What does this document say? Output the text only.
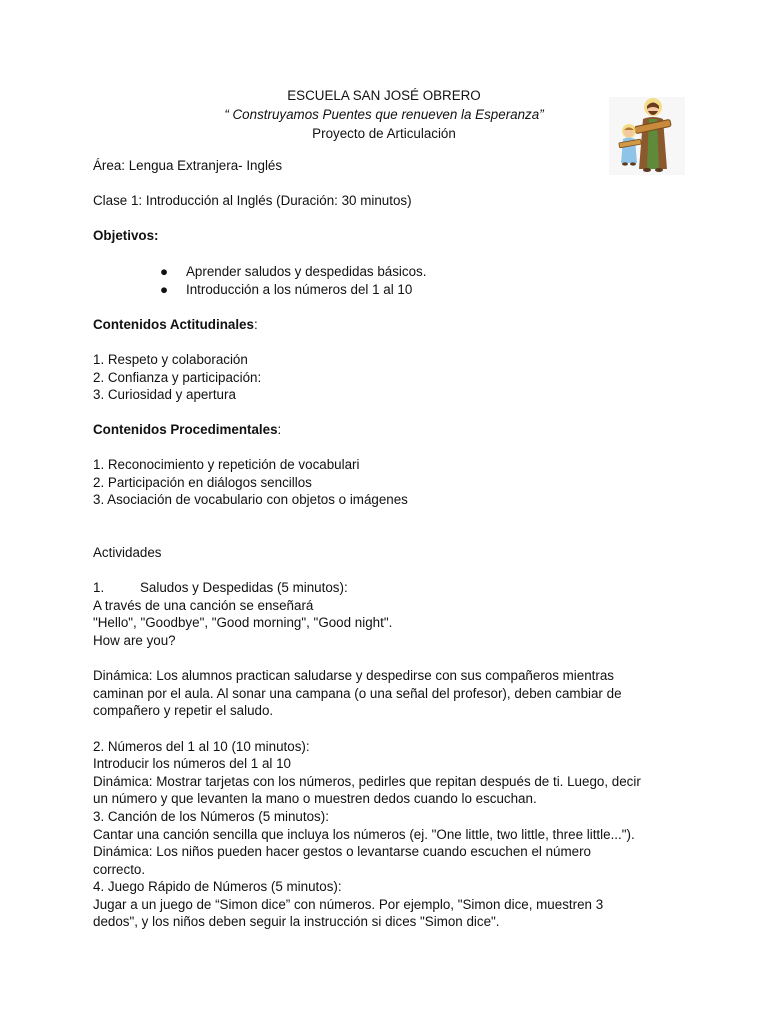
ESCUELA SAN JOSÉ OBRERO
“ Construyamos Puentes que renueven la Esperanza”
Proyecto de Articulación
Área: Lengua Extranjera- Inglés
Clase 1: Introducción al Inglés (Duración: 30 minutos)
Objetivos:
● Aprender saludos y despedidas básicos.
● Introducción a los números del 1 al 10
Contenidos Actitudinales:
1. Respeto y colaboración
2. Confianza y participación:
3. Curiosidad y apertura
Contenidos Procedimentales:
1. Reconocimiento y repetición de vocabulari
2. Participación en diálogos sencillos
3. Asociación de vocabulario con objetos o imágenes
Actividades
1.	Saludos y Despedidas (5 minutos):
A través de una canción se enseñará
"Hello", "Goodbye", "Good morning", "Good night".
How are you?
Dinámica: Los alumnos practican saludarse y despedirse con sus compañeros mientras
caminan por el aula. Al sonar una campana (o una señal del profesor), deben cambiar de
compañero y repetir el saludo.
2. Números del 1 al 10 (10 minutos):
Introducir los números del 1 al 10
Dinámica: Mostrar tarjetas con los números, pedirles que repitan después de ti. Luego, decir
un número y que levanten la mano o muestren dedos cuando lo escuchan.
3. Canción de los Números (5 minutos):
Cantar una canción sencilla que incluya los números (ej. "One little, two little, three little...").
Dinámica: Los niños pueden hacer gestos o levantarse cuando escuchen el número
correcto.
4. Juego Rápido de Números (5 minutos):
Jugar a un juego de “Simon dice” con números. Por ejemplo, "Simon dice, muestren 3
dedos", y los niños deben seguir la instrucción si dices "Simon dice".
